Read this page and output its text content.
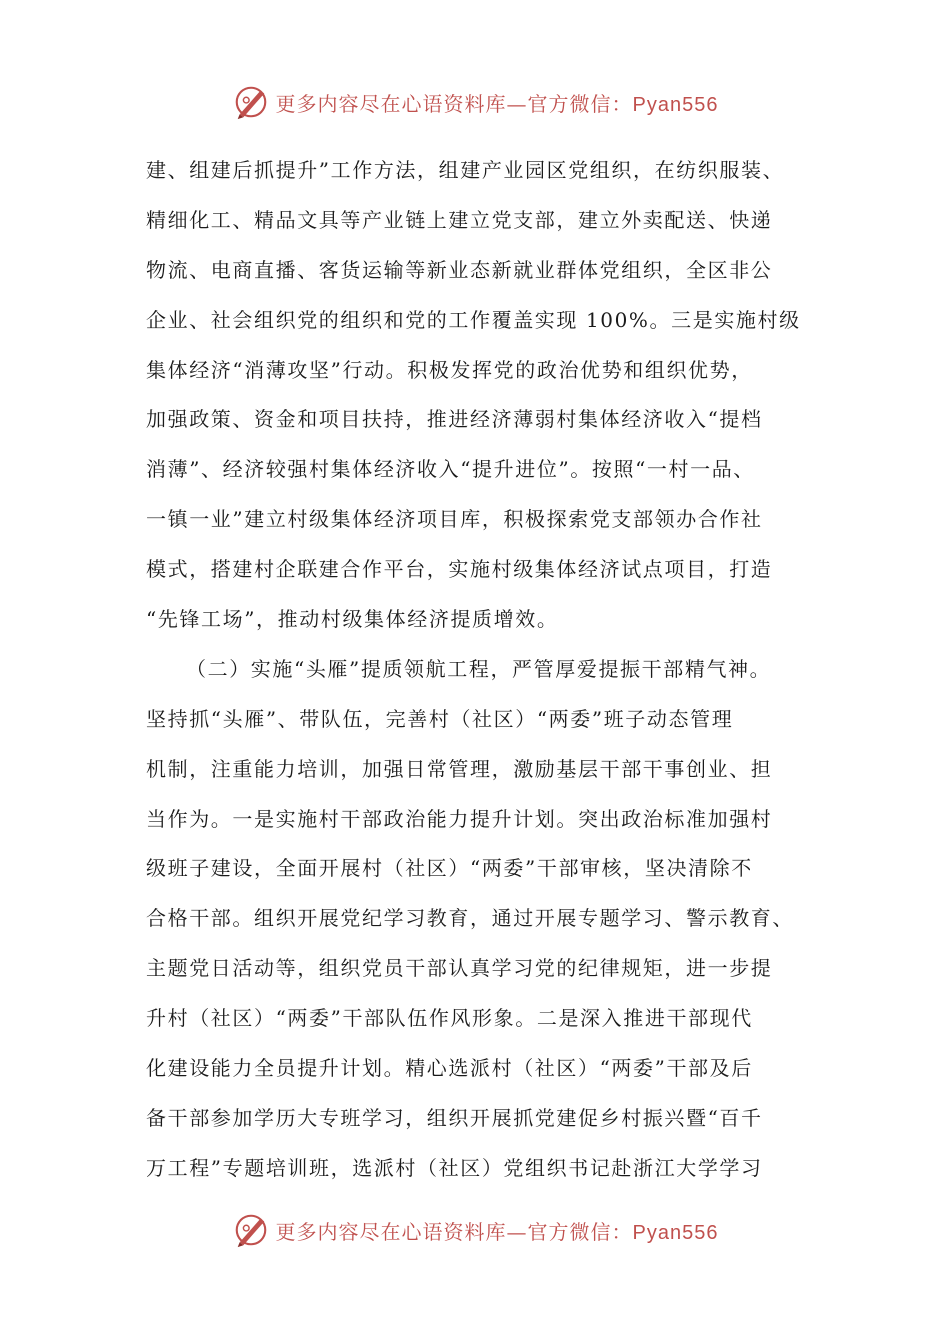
更多内容尽在心语资料库—官方微信：Pyan556
建、组建后抓提升”工作方法，组建产业园区党组织，在纺织服装、
精细化工、精品文具等产业链上建立党支部，建立外卖配送、快递
物流、电商直播、客货运输等新业态新就业群体党组织，全区非公
企业、社会组织党的组织和党的工作覆盖实现 100%。三是实施村级
集体经济“消薄攻坚”行动。积极发挥党的政治优势和组织优势，
加强政策、资金和项目扶持，推进经济薄弱村集体经济收入“提档
消薄”、经济较强村集体经济收入“提升进位”。按照“一村一品、
一镇一业”建立村级集体经济项目库，积极探索党支部领办合作社
模式，搭建村企联建合作平台，实施村级集体经济试点项目，打造
“先锋工场”，推动村级集体经济提质增效。
（二）实施“头雁”提质领航工程，严管厚爱提振干部精气神。
坚持抓“头雁”、带队伍，完善村（社区）“两委”班子动态管理
机制，注重能力培训，加强日常管理，激励基层干部干事创业、担
当作为。一是实施村干部政治能力提升计划。突出政治标准加强村
级班子建设，全面开展村（社区）“两委”干部审核，坚决清除不
合格干部。组织开展党纪学习教育，通过开展专题学习、警示教育、
主题党日活动等，组织党员干部认真学习党的纪律规矩，进一步提
升村（社区）“两委”干部队伍作风形象。二是深入推进干部现代
化建设能力全员提升计划。精心选派村（社区）“两委”干部及后
备干部参加学历大专班学习，组织开展抓党建促乡村振兴暨“百千
万工程”专题培训班，选派村（社区）党组织书记赴浙江大学学习
更多内容尽在心语资料库—官方微信：Pyan556
